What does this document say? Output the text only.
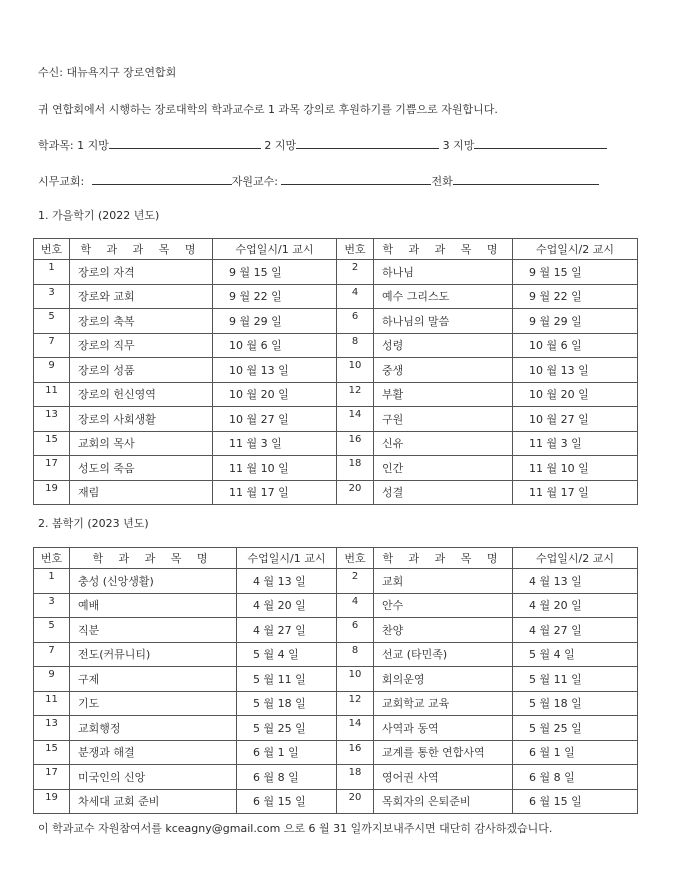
수신: 대뉴욕지구 장로연합회
귀 연합회에서 시행하는 장로대학의 학과교수로 1 과목 강의로 후원하기를 기쁨으로 자원합니다.
학과목: 1 지망	2 지망	3 지망
시무교회:	자원교수:	전화
1. 가을학기 (2022 년도)
번호	학 과 과 목 명	수업일시/1 교시	번호	학 과 과 목 명	수업일시/2 교시
1	장로의 자격	9 월 15 일	2	하나님	9 월 15 일
3	장로와 교회	9 월 22 일	4	예수 그리스도	9 월 22 일
5	장로의 축복	9 월 29 일	6	하나님의 말씀	9 월 29 일
7	장로의 직무	10 월 6 일	8	성령	10 월 6 일
9	장로의 성품	10 월 13 일	10	중생	10 월 13 일
11	장로의 헌신영역	10 월 20 일	12	부활	10 월 20 일
13	장로의 사회생활	10 월 27 일	14	구원	10 월 27 일
15	교회의 목사	11 월 3 일	16	신유	11 월 3 일
17	성도의 죽음	11 월 10 일	18	인간	11 월 10 일
19	재림	11 월 17 일	20	성결	11 월 17 일
2. 봄학기 (2023 년도)
번호	학 과 과 목 명	수업일시/1 교시	번호	학 과 과 목 명	수업일시/2 교시
1	충성 (신앙생활)	4 월 13 일	2	교회	4 월 13 일
3	예배	4 월 20 일	4	안수	4 월 20 일
5	직분	4 월 27 일	6	찬양	4 월 27 일
7	전도(커뮤니티)	5 월 4 일	8	선교 (타민족)	5 월 4 일
9	구제	5 월 11 일	10	회의운영	5 월 11 일
11	기도	5 월 18 일	12	교회학교 교육	5 월 18 일
13	교회행정	5 월 25 일	14	사역과 동역	5 월 25 일
15	분쟁과 해결	6 월 1 일	16	교계를 통한 연합사역	6 월 1 일
17	미국인의 신앙	6 월 8 일	18	영어권 사역	6 월 8 일
19	차세대 교회 준비	6 월 15 일	20	목회자의 은퇴준비	6 월 15 일
이 학과교수 자원참여서를 kceagny@gmail.com 으로 6 월 31 일까지보내주시면 대단히 감사하겠습니다.
